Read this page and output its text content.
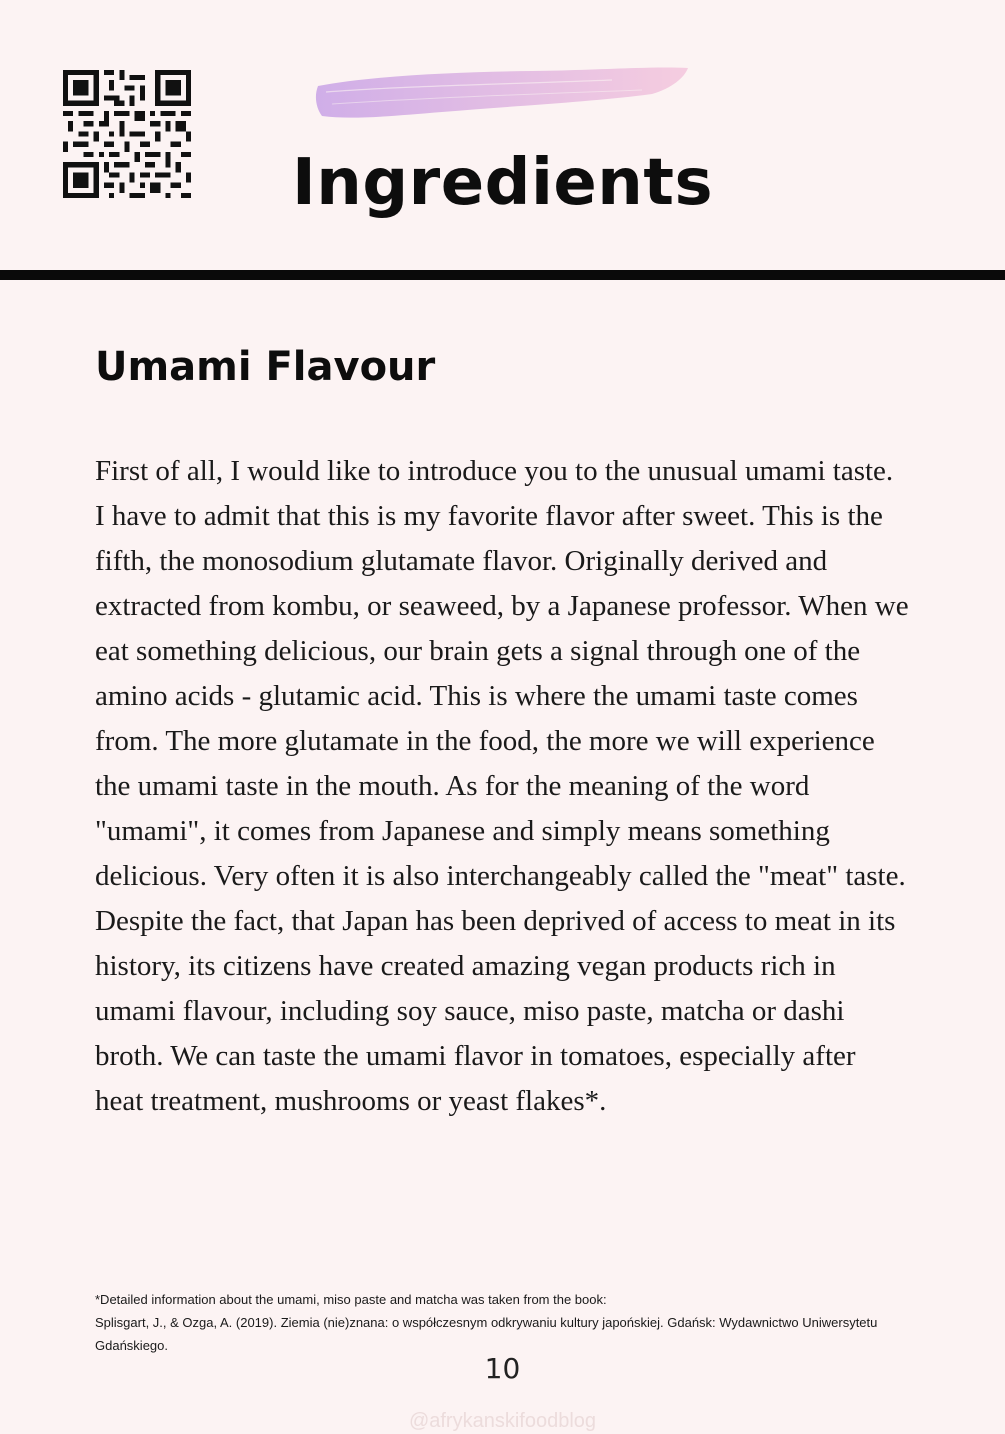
Ingredients
Umami Flavour

First of all, I would like to introduce you to the unusual umami taste. I have to admit that this is my favorite flavor after sweet. This is the fifth, the monosodium glutamate flavor. Originally derived and extracted from kombu, or seaweed, by a Japanese professor. When we eat something delicious, our brain gets a signal through one of the amino acids - glutamic acid. This is where the umami taste comes from. The more glutamate in the food, the more we will experience the umami taste in the mouth. As for the meaning of the word "umami", it comes from Japanese and simply means something delicious. Very often it is also interchangeably called the "meat" taste. Despite the fact, that Japan has been deprived of access to meat in its history, its citizens have created amazing vegan products rich in umami flavour, including soy sauce, miso paste, matcha or dashi broth. We can taste the umami flavor in tomatoes, especially after heat treatment, mushrooms or yeast flakes*.

*Detailed information about the umami, miso paste and matcha was taken from the book:
Splisgart, J., & Ozga, A. (2019). Ziemia (nie)znana: o współczesnym odkrywaniu kultury japońskiej. Gdańsk: Wydawnictwo Uniwersytetu Gdańskiego.
10
@afrykanskifoodblog
